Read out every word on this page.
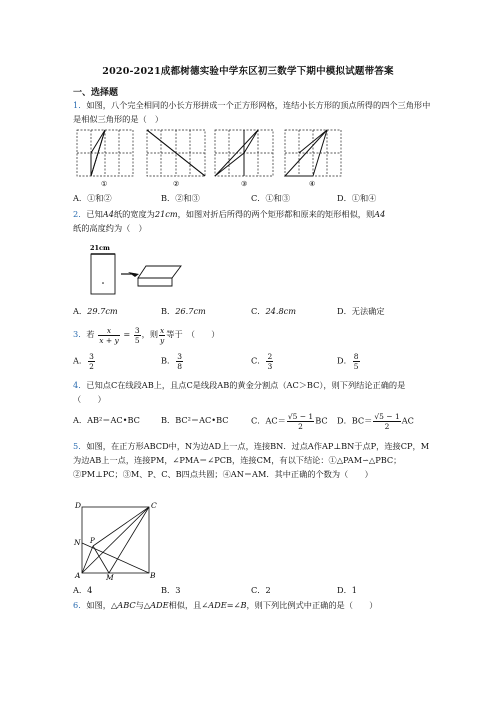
2020-2021成都树德实验中学东区初三数学下期中模拟试题带答案
一、选择题
1．如图，八个完全相同的小长方形拼成一个正方形网格，连结小长方形的顶点所得的四个三角形中是相似三角形的是（　）
①	②	③	④
A．①和②	B．②和③	C．①和③	D．①和④
2．已知A4纸的宽度为21cm，如图对折后所得的两个矩形都和原来的矩形相似，则A4
纸的高度约为（　）
21cm
A．29.7cm	B．26.7cm	C．24.8cm	D．无法确定
3．若 $\frac{x}{x + y} = \frac{3}{5}$ ，则 $\frac{x}{y}$ 等于　（　　）
A． $\frac{3}{2}$	B． $\frac{3}{8}$	C． $\frac{2}{3}$	D． $\frac{8}{5}$
4．已知点C在线段AB上，且点C是线段AB的黄金分割点（AC＞BC），则下列结论正确的是（　　）
A．AB²＝AC•BC	B．BC²＝AC•BC	C．$AC= \frac{√5 - 1}{2}$ BC D．$BC= \frac{√5 - 1}{2}$ AC
5．如图，在正方形ABCD中，N为边AD上一点，连接BN．过点A作AP⊥BN于点P，连接CP，M为边AB上一点，连接PM，∠PMA＝∠PCB，连接CM，有以下结论：①△PAM∽△PBC；②PM⊥PC；③M、P、C、B四点共圆；④AN＝AM．其中正确的个数为（　　）
D	C
N P
A	M	B
A．4	B．3	C．2	D．1
6．如图，△ABC与△ADE相似，且∠ADE=∠B，则下列比例式中正确的是（　　）
